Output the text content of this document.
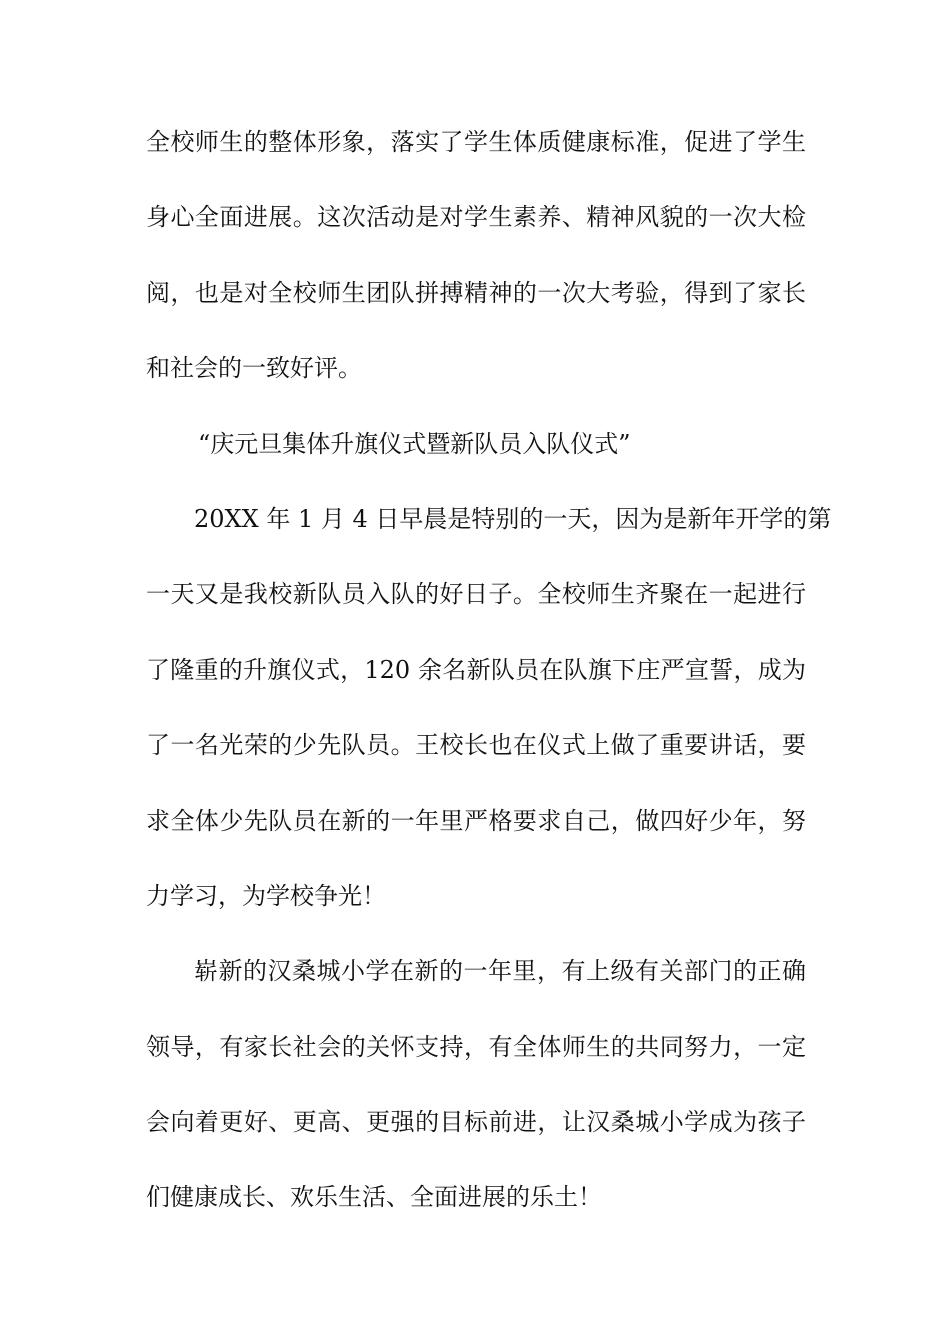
全校师生的整体形象，落实了学生体质健康标准，促进了学生
身心全面进展。这次活动是对学生素养、精神风貌的一次大检
阅，也是对全校师生团队拼搏精神的一次大考验，得到了家长
和社会的一致好评。
“庆元旦集体升旗仪式暨新队员入队仪式”
20XX 年 1 月 4 日早晨是特别的一天，因为是新年开学的第
一天又是我校新队员入队的好日子。全校师生齐聚在一起进行
了隆重的升旗仪式，120 余名新队员在队旗下庄严宣誓，成为
了一名光荣的少先队员。王校长也在仪式上做了重要讲话，要
求全体少先队员在新的一年里严格要求自己，做四好少年，努
力学习，为学校争光！
崭新的汉桑城小学在新的一年里，有上级有关部门的正确
领导，有家长社会的关怀支持，有全体师生的共同努力，一定
会向着更好、更高、更强的目标前进，让汉桑城小学成为孩子
们健康成长、欢乐生活、全面进展的乐土！
